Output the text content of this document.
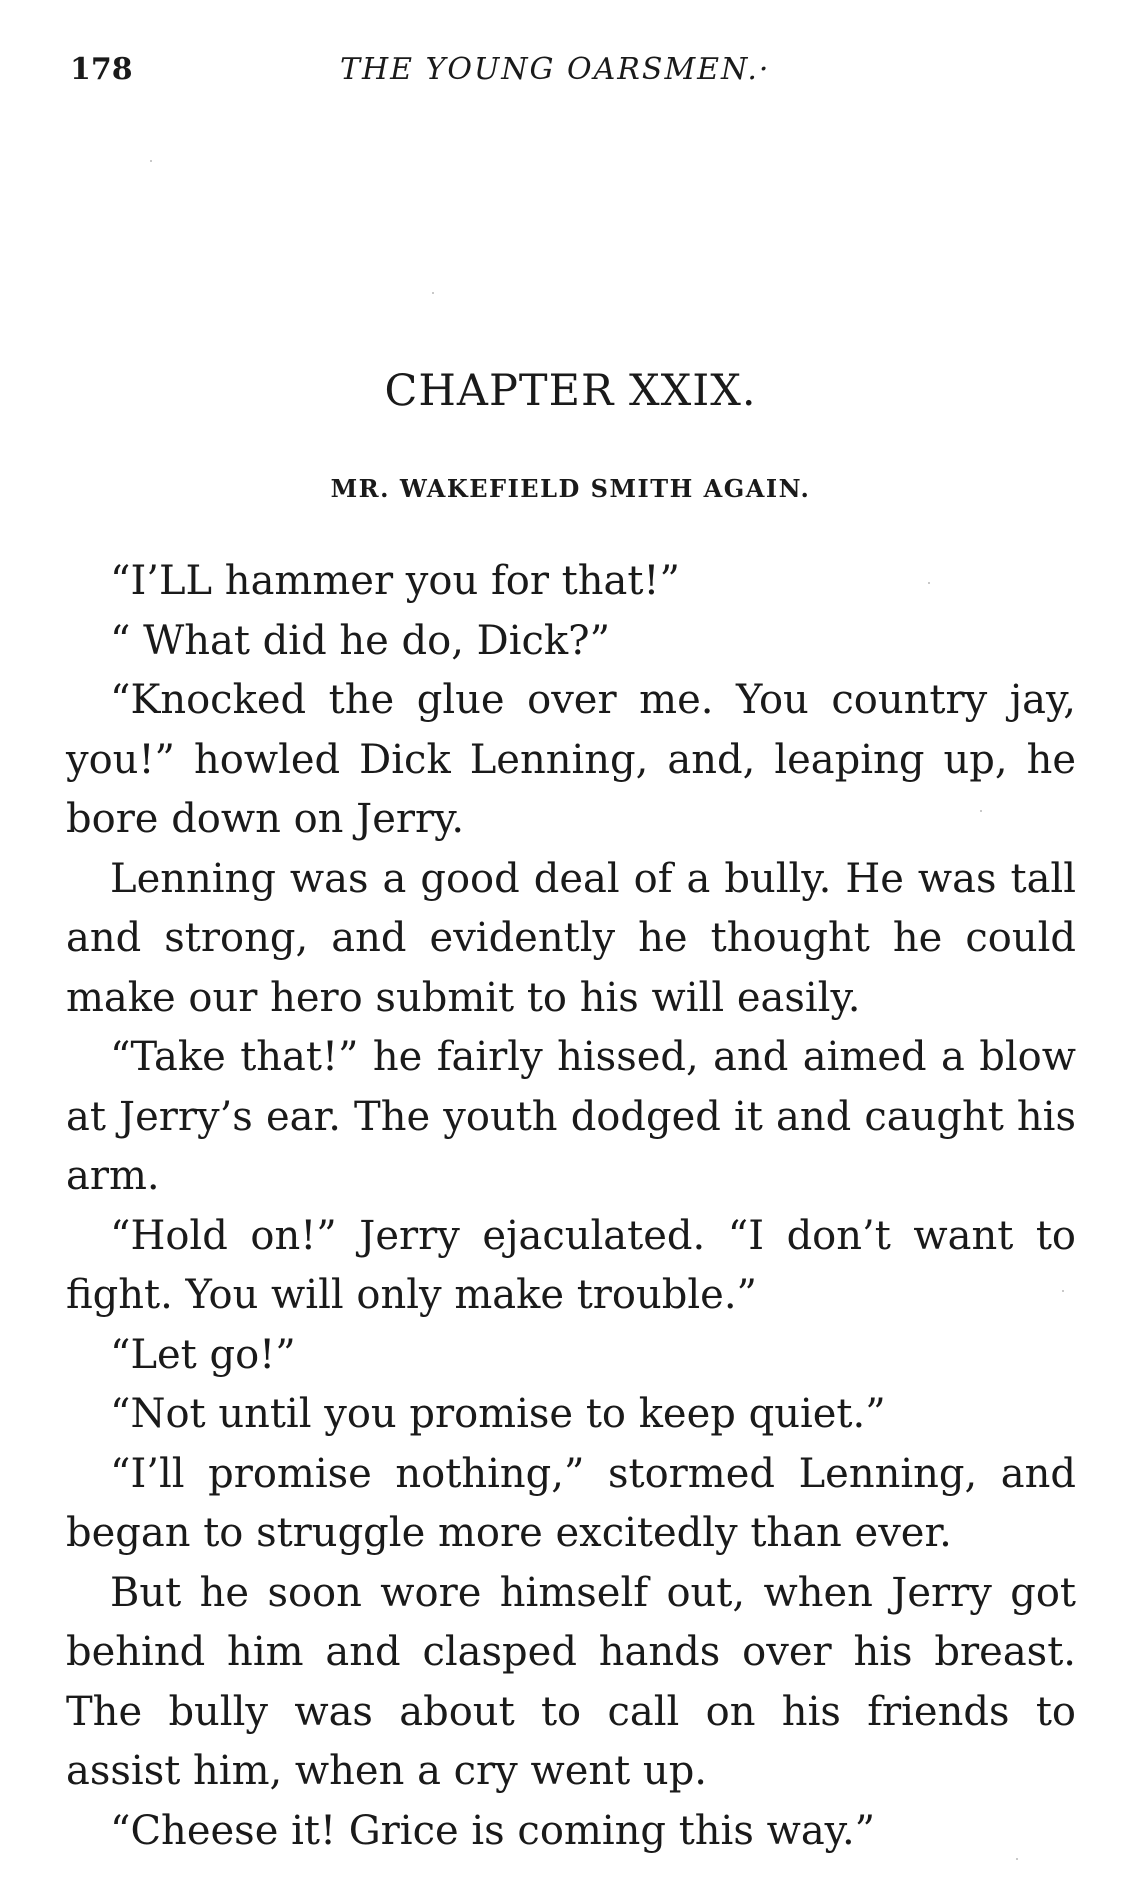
178	THE YOUNG OARSMEN.·
CHAPTER XXIX.
MR. WAKEFIELD SMITH AGAIN.

“I’LL hammer you for that!”

“ What did he do, Dick?”

“Knocked the glue over me. You country jay, you!” howled Dick Lenning, and, leaping up, he bore down on Jerry.

Lenning was a good deal of a bully. He was tall and strong, and evidently he thought he could make our hero submit to his will easily.

“Take that!” he fairly hissed, and aimed a blow at Jerry’s ear. The youth dodged it and caught his arm.

“Hold on!” Jerry ejaculated. “I don’t want to fight. You will only make trouble.”

“Let go!”

“Not until you promise to keep quiet.”

“I’ll promise nothing,” stormed Lenning, and began to struggle more excitedly than ever.

But he soon wore himself out, when Jerry got behind him and clasped hands over his breast. The bully was about to call on his friends to assist him, when a cry went up.

“Cheese it! Grice is coming this way.”
